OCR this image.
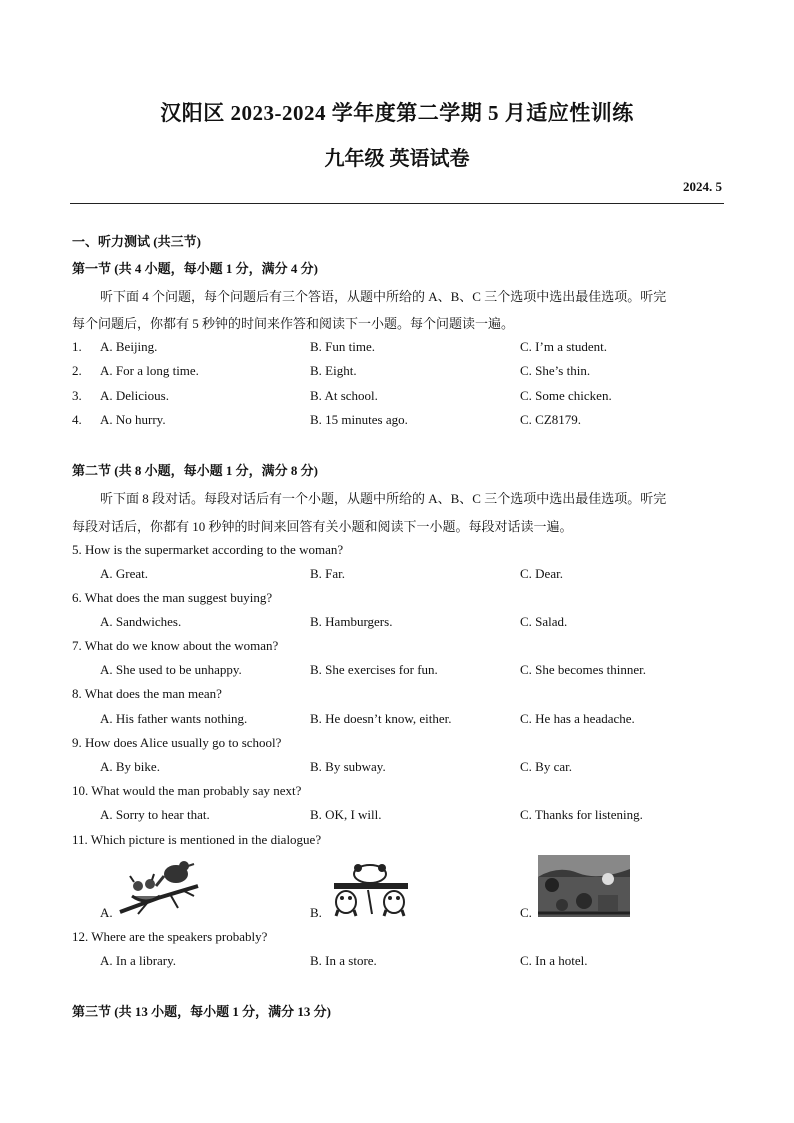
汉阳区 2023-2024 学年度第二学期 5 月适应性训练
九年级 英语试卷
2024. 5
一、听力测试 (共三节)
第一节 (共 4 小题，每小题 1 分，满分 4 分)
听下面 4 个问题，每个问题后有三个答语，从题中所给的 A、B、C 三个选项中选出最佳选项。听完
每个问题后，你都有 5 秒钟的时间来作答和阅读下一小题。每个问题读一遍。
1. A. Beijing.	B. Fun time.	C. I’m a student.
2. A. For a long time.	B. Eight.	C. She’s thin.
3. A. Delicious.	B. At school.	C. Some chicken.
4. A. No hurry.	B. 15 minutes ago.	C. CZ8179.
第二节 (共 8 小题，每小题 1 分，满分 8 分)
听下面 8 段对话。每段对话后有一个小题，从题中所给的 A、B、C 三个选项中选出最佳选项。听完
每段对话后，你都有 10 秒钟的时间来回答有关小题和阅读下一小题。每段对话读一遍。
5. How is the supermarket according to the woman?
A. Great.	B. Far.	C. Dear.
6. What does the man suggest buying?
A. Sandwiches.	B. Hamburgers.	C. Salad.
7. What do we know about the woman?
A. She used to be unhappy.	B. She exercises for fun.	C. She becomes thinner.
8. What does the man mean?
A. His father wants nothing.	B. He doesn’t know, either.	C. He has a headache.
9. How does Alice usually go to school?
A. By bike.	B. By subway.	C. By car.
10. What would the man probably say next?
A. Sorry to hear that.	B. OK, I will.	C. Thanks for listening.
11. Which picture is mentioned in the dialogue?
A.	B.	C.
12. Where are the speakers probably?
A. In a library.	B. In a store.	C. In a hotel.
第三节 (共 13 小题，每小题 1 分，满分 13 分)
